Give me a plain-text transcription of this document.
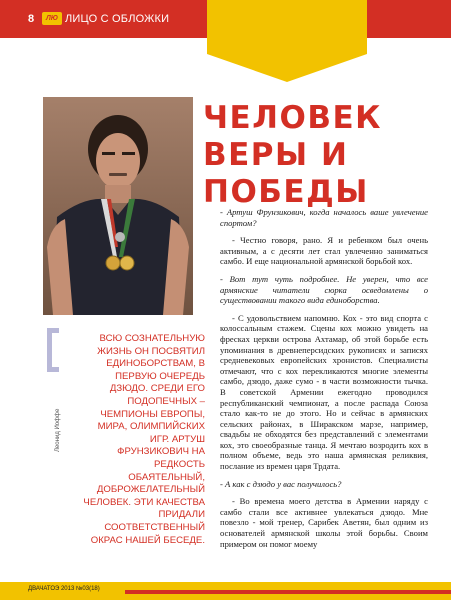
8	ЛЮ ЛИЦО С ОБЛОЖКИ
ЧЕЛОВЕК
ВЕРЫ И
ПОБЕДЫ
Леонид Иоффе
ВСЮ СОЗНАТЕЛЬНУЮ ЖИЗНЬ ОН ПОСВЯТИЛ ЕДИНОБОРСТВАМ, В ПЕРВУЮ ОЧЕРЕДЬ ДЗЮДО. СРЕДИ ЕГО ПОДОПЕЧНЫХ – ЧЕМПИОНЫ ЕВРОПЫ, МИРА, ОЛИМПИЙСКИХ ИГР. АРТУШ ФРУНЗИКОВИЧ НА РЕДКОСТЬ ОБАЯТЕЛЬНЫЙ, ДОБРОЖЕЛАТЕЛЬНЫЙ ЧЕЛОВЕК. ЭТИ КАЧЕСТВА ПРИДАЛИ СООТВЕТСТВЕННЫЙ ОКРАС НАШЕЙ БЕСЕДЕ.

- Артуш Фрунзикович, когда началось ваше увлечение спортом?

- Честно говоря, рано. Я и ребенком был очень активным, а с десяти лет стал увлеченно заниматься самбо. И еще национальной армянской борьбой кох.

- Вот тут чуть подробнее. Не уверен, что все армянские читатели сюрка осведомлены о существовании такого вида единоборства.

- С удовольствием напомню. Кох - это вид спорта с колоссальным стажем. Сцены кох можно увидеть на фресках церкви острова Ахтамар, об этой борьбе есть упоминания в древнеперсидских рукописях и записях средневековых европейских хронистов. Специалисты отмечают, что с кох перекликаются многие элементы самбо, дзюдо, даже сумо - в части возможности тычка. В советской Армении ежегодно проводился республиканский чемпионат, а после распада Союза стало как-то не до этого. Но и сейчас в армянских сельских районах, в Ширакском марзе, например, свадьбы не обходятся без представлений с элементами кох, это своеобразные танца. Я мечтаю возродить кох в полном объеме, ведь это наша армянская реликвия, послание из времен царя Трдата.

- А как с дзюдо у вас получилось?

- Во времена моего детства в Армении наряду с самбо стали все активнее увлекаться дзюдо. Мне повезло - мой тренер, Сарибек Аветян, был одним из основателей армянской школы этой борьбы. Своим примером он помог моему

ДВАЧАТОЭ 2013 №03(18)
